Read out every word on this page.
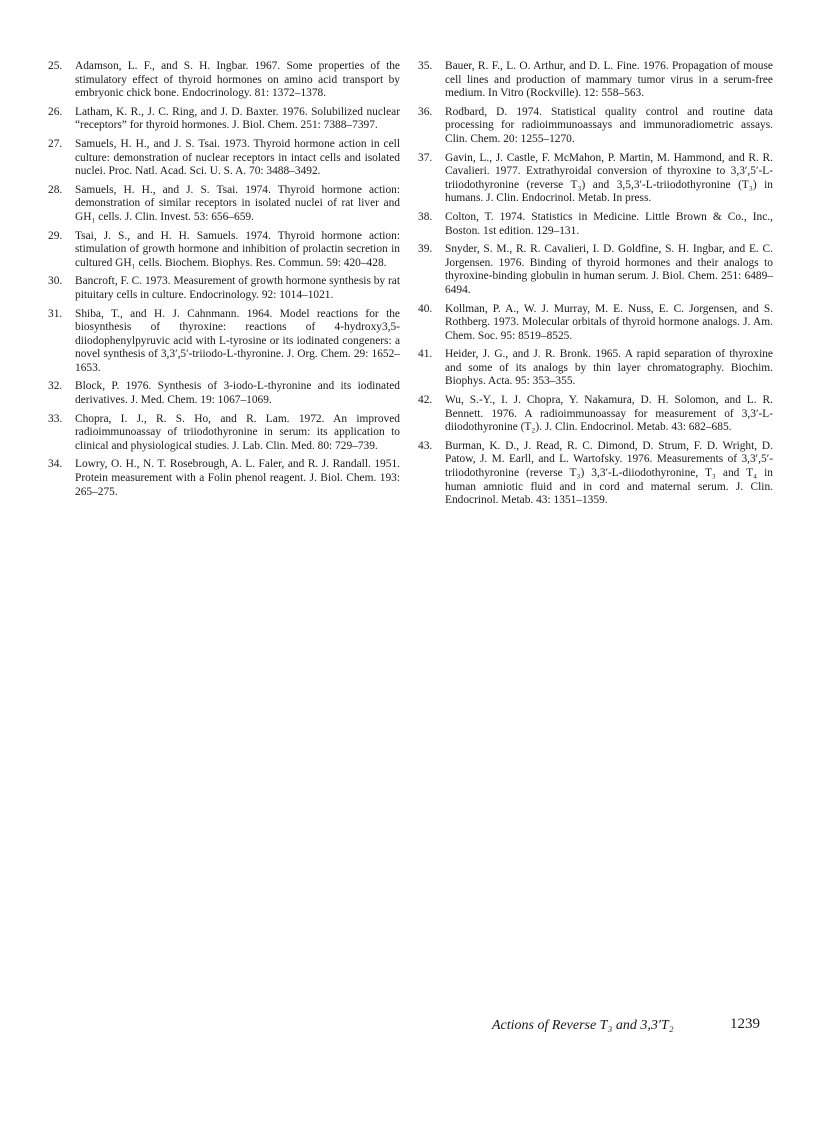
25.	Adamson, L. F., and S. H. Ingbar. 1967. Some properties of the stimulatory effect of thyroid hormones on amino acid transport by embryonic chick bone. Endocrinology. 81: 1372–1378.
26.	Latham, K. R., J. C. Ring, and J. D. Baxter. 1976. Solubilized nuclear “receptors” for thyroid hormones. J. Biol. Chem. 251: 7388–7397.
27.	Samuels, H. H., and J. S. Tsai. 1973. Thyroid hormone action in cell culture: demonstration of nuclear receptors in intact cells and isolated nuclei. Proc. Natl. Acad. Sci. U. S. A. 70: 3488–3492.
28.	Samuels, H. H., and J. S. Tsai. 1974. Thyroid hormone action: demonstration of similar receptors in isolated nuclei of rat liver and GH₁ cells. J. Clin. Invest. 53: 656–659.
29.	Tsai, J. S., and H. H. Samuels. 1974. Thyroid hormone action: stimulation of growth hormone and inhibition of prolactin secretion in cultured GH₁ cells. Biochem. Biophys. Res. Commun. 59: 420–428.
30.	Bancroft, F. C. 1973. Measurement of growth hormone synthesis by rat pituitary cells in culture. Endocrinology. 92: 1014–1021.
31.	Shiba, T., and H. J. Cahnmann. 1964. Model reactions for the biosynthesis of thyroxine: reactions of 4-hydroxy3,5-diiodophenylpyruvic acid with L-tyrosine or its iodinated congeners: a novel synthesis of 3,3′,5′-triiodo-L-thyronine. J. Org. Chem. 29: 1652–1653.
32.	Block, P. 1976. Synthesis of 3-iodo-L-thyronine and its iodinated derivatives. J. Med. Chem. 19: 1067–1069.
33.	Chopra, I. J., R. S. Ho, and R. Lam. 1972. An improved radioimmunoassay of triiodothyronine in serum: its application to clinical and physiological studies. J. Lab. Clin. Med. 80: 729–739.
34.	Lowry, O. H., N. T. Rosebrough, A. L. Faler, and R. J. Randall. 1951. Protein measurement with a Folin phenol reagent. J. Biol. Chem. 193: 265–275.
35.	Bauer, R. F., L. O. Arthur, and D. L. Fine. 1976. Propagation of mouse cell lines and production of mammary tumor virus in a serum-free medium. In Vitro (Rockville). 12: 558–563.
36.	Rodbard, D. 1974. Statistical quality control and routine data processing for radioimmunoassays and immunoradiometric assays. Clin. Chem. 20: 1255–1270.
37.	Gavin, L., J. Castle, F. McMahon, P. Martin, M. Hammond, and R. R. Cavalieri. 1977. Extrathyroidal conversion of thyroxine to 3,3′,5′-L-triiodothyronine (reverse T₃) and 3,5,3′-L-triiodothyronine (T₃) in humans. J. Clin. Endocrinol. Metab. In press.
38.	Colton, T. 1974. Statistics in Medicine. Little Brown & Co., Inc., Boston. 1st edition. 129–131.
39.	Snyder, S. M., R. R. Cavalieri, I. D. Goldfine, S. H. Ingbar, and E. C. Jorgensen. 1976. Binding of thyroid hormones and their analogs to thyroxine-binding globulin in human serum. J. Biol. Chem. 251: 6489–6494.
40.	Kollman, P. A., W. J. Murray, M. E. Nuss, E. C. Jorgensen, and S. Rothberg. 1973. Molecular orbitals of thyroid hormone analogs. J. Am. Chem. Soc. 95: 8519–8525.
41.	Heider, J. G., and J. R. Bronk. 1965. A rapid separation of thyroxine and some of its analogs by thin layer chromatography. Biochim. Biophys. Acta. 95: 353–355.
42.	Wu, S.-Y., I. J. Chopra, Y. Nakamura, D. H. Solomon, and L. R. Bennett. 1976. A radioimmunoassay for measurement of 3,3′-L-diiodothyronine (T₂). J. Clin. Endocrinol. Metab. 43: 682–685.
43.	Burman, K. D., J. Read, R. C. Dimond, D. Strum, F. D. Wright, D. Patow, J. M. Earll, and L. Wartofsky. 1976. Measurements of 3,3′,5′-triiodothyronine (reverse T₃) 3,3′-L-diiodothyronine, T₃ and T₄ in human amniotic fluid and in cord and maternal serum. J. Clin. Endocrinol. Metab. 43: 1351–1359.
Actions of Reverse T₃ and 3,3′T₂	1239
